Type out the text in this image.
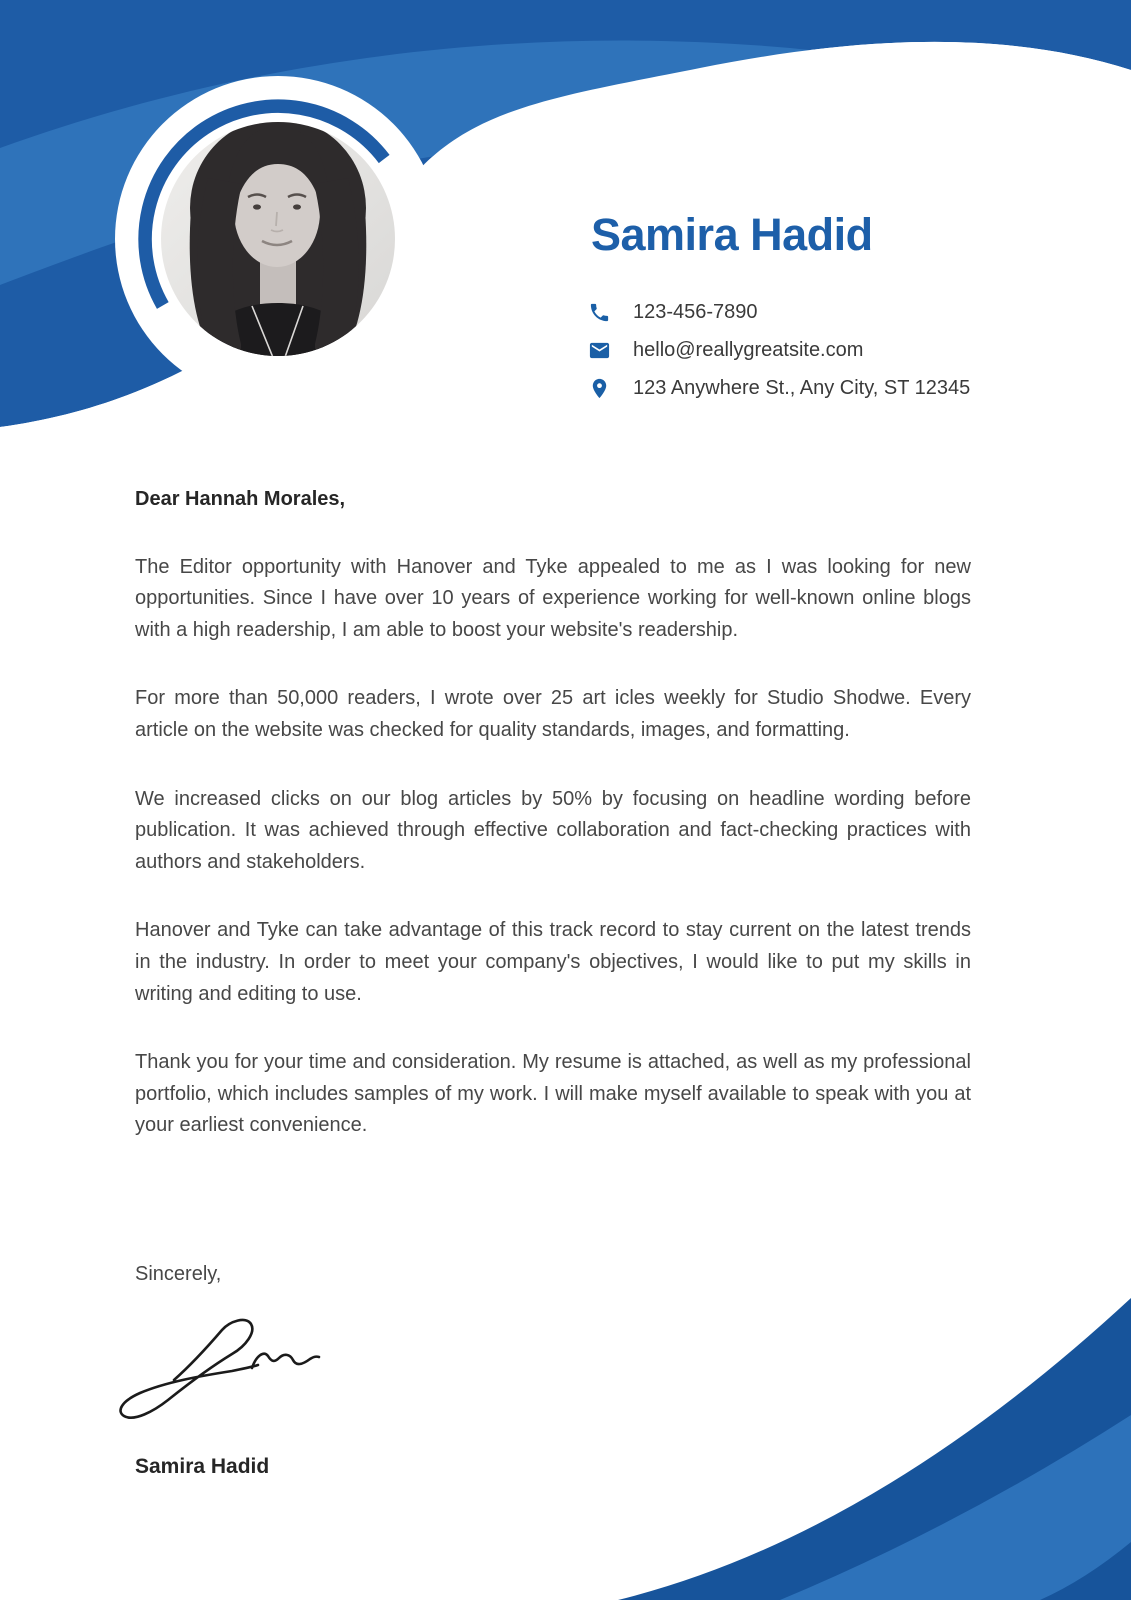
Samira Hadid
123-456-7890
hello@reallygreatsite.com
123 Anywhere St., Any City, ST 12345

Dear Hannah Morales,

The Editor opportunity with Hanover and Tyke appealed to me as I was looking for new opportunities. Since I have over 10 years of experience working for well-known online blogs with a high readership, I am able to boost your website's readership.

For more than 50,000 readers, I wrote over 25 art icles weekly for Studio Shodwe. Every article on the website was checked for quality standards, images, and formatting.

We increased clicks on our blog articles by 50% by focusing on headline wording before publication. It was achieved through effective collaboration and fact-checking practices with authors and stakeholders.

Hanover and Tyke can take advantage of this track record to stay current on the latest trends in the industry. In order to meet your company's objectives, I would like to put my skills in writing and editing to use.

Thank you for your time and consideration. My resume is attached, as well as my professional portfolio, which includes samples of my work. I will make myself available to speak with you at your earliest convenience.

Sincerely,

Samira Hadid
